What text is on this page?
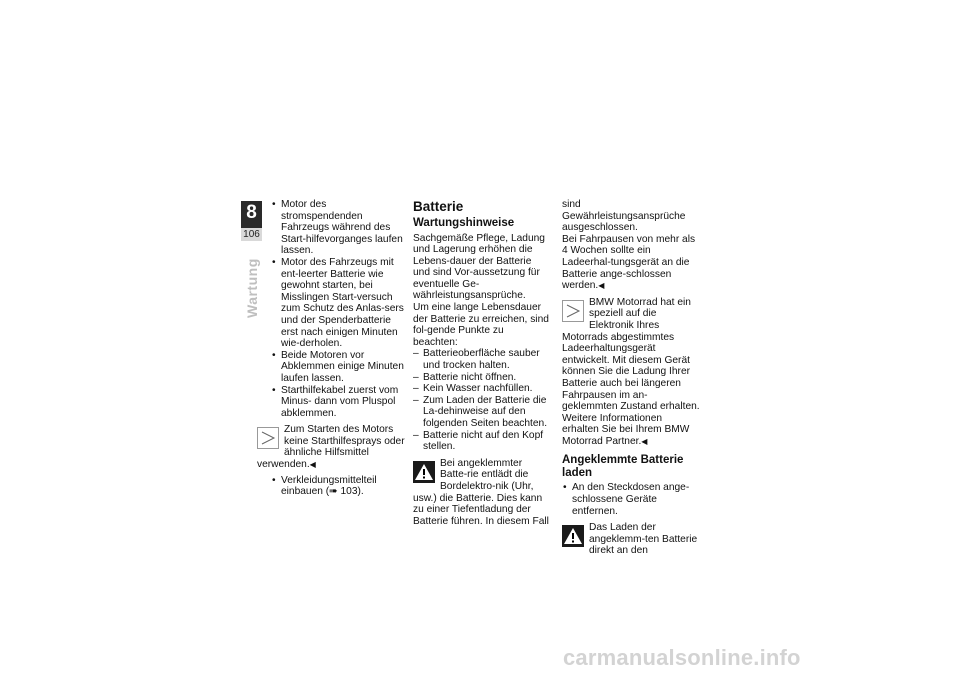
8
106
Wartung

• Motor des stromspendenden Fahrzeugs während des Start-hilfevorganges laufen lassen.

• Motor des Fahrzeugs mit ent-leerter Batterie wie gewohnt starten, bei Misslingen Start-versuch zum Schutz des Anlas-sers und der Spenderbatterie erst nach einigen Minuten wie-derholen.

• Beide Motoren vor Abklemmen einige Minuten laufen lassen.

• Starthilfekabel zuerst vom Minus- dann vom Pluspol abklemmen.

Zum Starten des Motors keine Starthilfesprays oder ähnliche Hilfsmittel verwenden.◀

• Verkleidungsmittelteil einbauen (➠ 103).

Batterie
Wartungshinweise

Sachgemäße Pflege, Ladung und Lagerung erhöhen die Lebens-dauer der Batterie und sind Vor-aussetzung für eventuelle Ge-währleistungsansprüche.

Um eine lange Lebensdauer der Batterie zu erreichen, sind fol-gende Punkte zu beachten:

– Batterieoberfläche sauber und trocken halten.

– Batterie nicht öffnen.

– Kein Wasser nachfüllen.

– Zum Laden der Batterie die La-dehinweise auf den folgenden Seiten beachten.

– Batterie nicht auf den Kopf stellen.

Bei angeklemmter Batte-rie entlädt die Bordelektro-nik (Uhr, usw.) die Batterie. Dies kann zu einer Tiefentladung der Batterie führen. In diesem Fall

sind Gewährleistungsansprüche ausgeschlossen.

Bei Fahrpausen von mehr als 4 Wochen sollte ein Ladeerhal-tungsgerät an die Batterie ange-schlossen werden.◀

BMW Motorrad hat ein speziell auf die Elektronik Ihres Motorrads abgestimmtes Ladeerhaltungsgerät entwickelt. Mit diesem Gerät können Sie die Ladung Ihrer Batterie auch bei längeren Fahrpausen im an-geklemmten Zustand erhalten. Weitere Informationen erhalten Sie bei Ihrem BMW Motorrad Partner.◀
Angeklemmte Batterie laden

• An den Steckdosen ange-schlossene Geräte entfernen.

Das Laden der angeklemm-ten Batterie direkt an den
carmanualsonline.info
